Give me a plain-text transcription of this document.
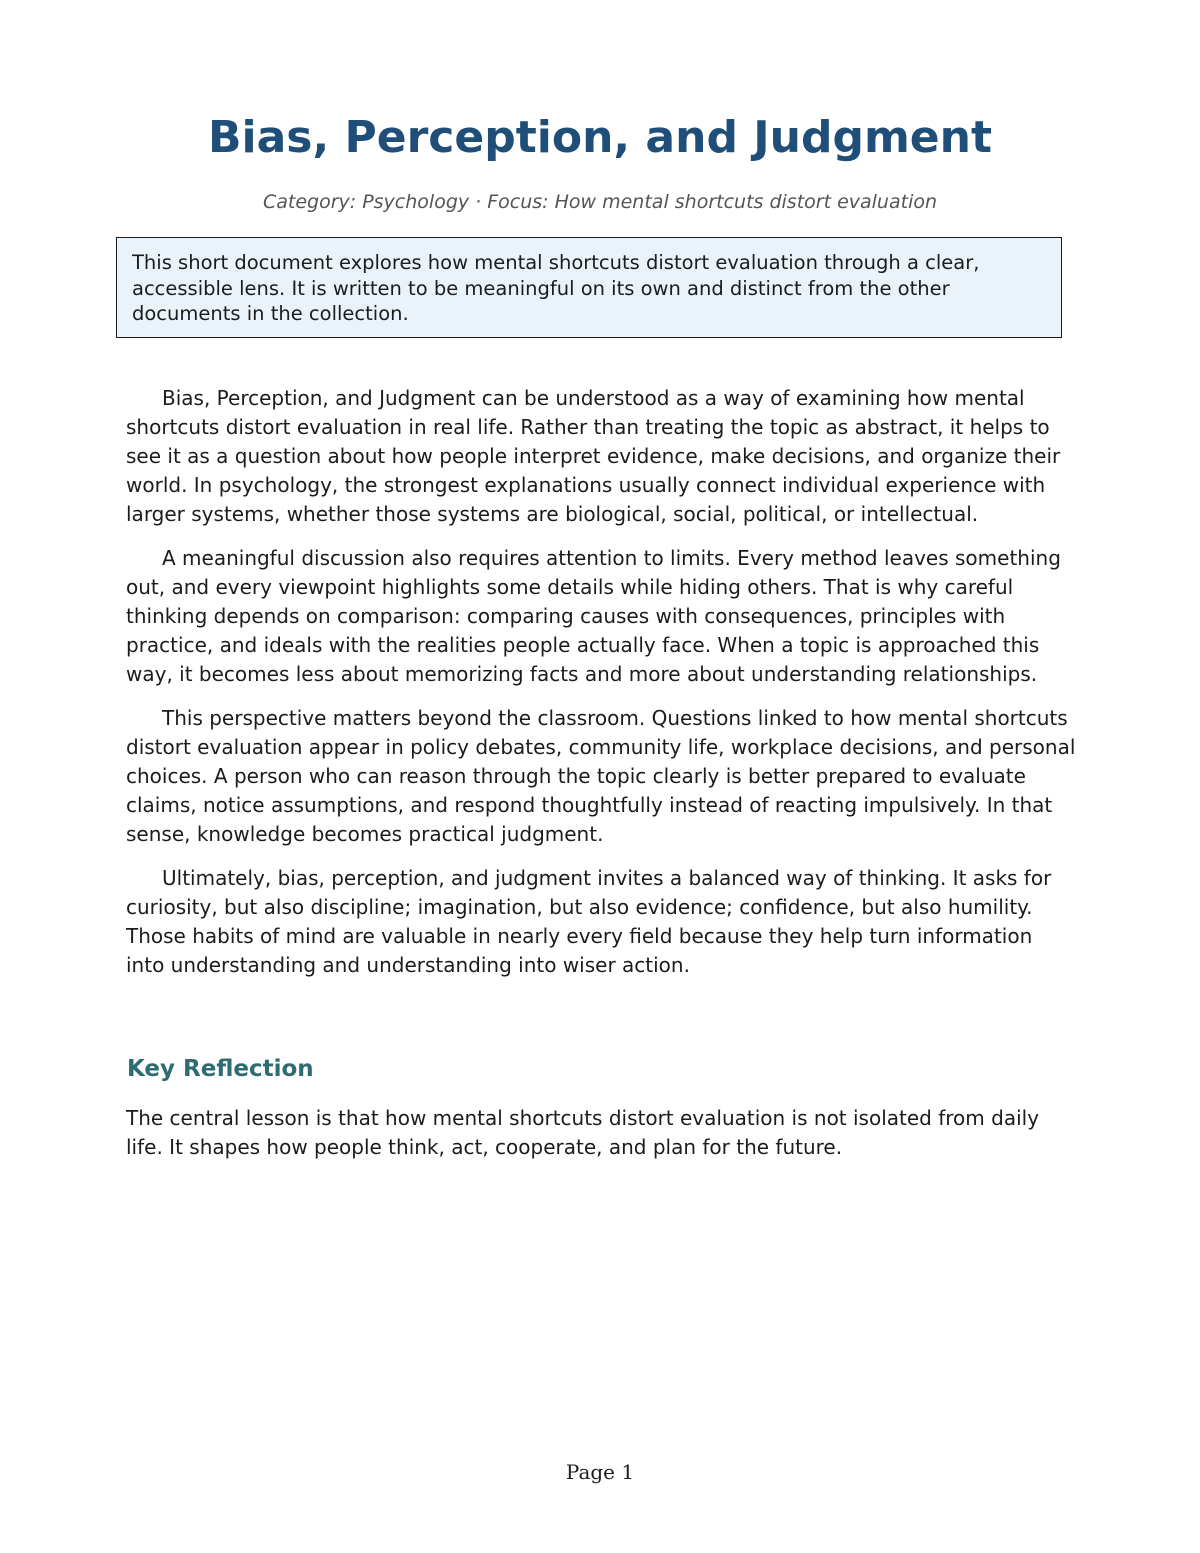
Bias, Perception, and Judgment
Category: Psychology · Focus: How mental shortcuts distort evaluation
This short document explores how mental shortcuts distort evaluation through a clear, accessible lens. It is written to be meaningful on its own and distinct from the other documents in the collection.

Bias, Perception, and Judgment can be understood as a way of examining how mental shortcuts distort evaluation in real life. Rather than treating the topic as abstract, it helps to see it as a question about how people interpret evidence, make decisions, and organize their world. In psychology, the strongest explanations usually connect individual experience with larger systems, whether those systems are biological, social, political, or intellectual.

A meaningful discussion also requires attention to limits. Every method leaves something out, and every viewpoint highlights some details while hiding others. That is why careful thinking depends on comparison: comparing causes with consequences, principles with practice, and ideals with the realities people actually face. When a topic is approached this way, it becomes less about memorizing facts and more about understanding relationships.

This perspective matters beyond the classroom. Questions linked to how mental shortcuts distort evaluation appear in policy debates, community life, workplace decisions, and personal choices. A person who can reason through the topic clearly is better prepared to evaluate claims, notice assumptions, and respond thoughtfully instead of reacting impulsively. In that sense, knowledge becomes practical judgment.

Ultimately, bias, perception, and judgment invites a balanced way of thinking. It asks for curiosity, but also discipline; imagination, but also evidence; confidence, but also humility. Those habits of mind are valuable in nearly every field because they help turn information into understanding and understanding into wiser action.

Key Reflection

The central lesson is that how mental shortcuts distort evaluation is not isolated from daily life. It shapes how people think, act, cooperate, and plan for the future.

Page 1
